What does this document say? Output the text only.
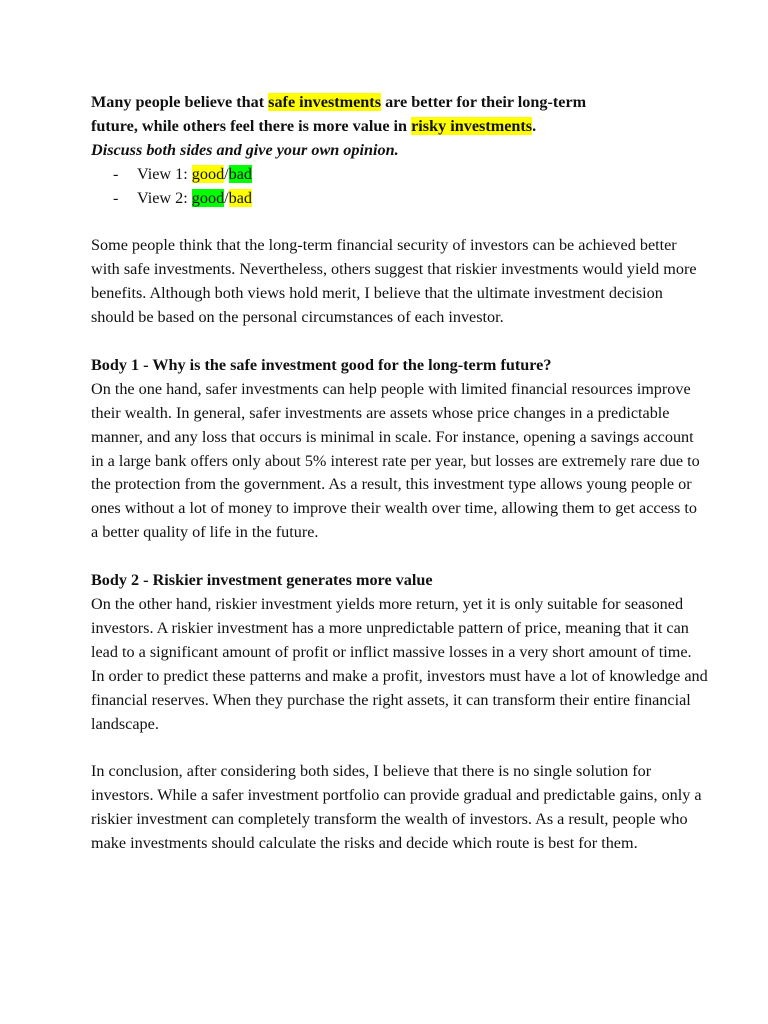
Many people believe that safe investments are better for their long-term
future, while others feel there is more value in risky investments.
Discuss both sides and give your own opinion.
- View 1: good/bad
- View 2: good/bad

Some people think that the long-term financial security of investors can be achieved better with safe investments. Nevertheless, others suggest that riskier investments would yield more benefits. Although both views hold merit, I believe that the ultimate investment decision should be based on the personal circumstances of each investor.

Body 1 - Why is the safe investment good for the long-term future?

On the one hand, safer investments can help people with limited financial resources improve their wealth. In general, safer investments are assets whose price changes in a predictable manner, and any loss that occurs is minimal in scale. For instance, opening a savings account in a large bank offers only about 5% interest rate per year, but losses are extremely rare due to the protection from the government. As a result, this investment type allows young people or ones without a lot of money to improve their wealth over time, allowing them to get access to a better quality of life in the future.

Body 2 - Riskier investment generates more value

On the other hand, riskier investment yields more return, yet it is only suitable for seasoned investors. A riskier investment has a more unpredictable pattern of price, meaning that it can lead to a significant amount of profit or inflict massive losses in a very short amount of time. In order to predict these patterns and make a profit, investors must have a lot of knowledge and financial reserves. When they purchase the right assets, it can transform their entire financial landscape.

In conclusion, after considering both sides, I believe that there is no single solution for investors. While a safer investment portfolio can provide gradual and predictable gains, only a riskier investment can completely transform the wealth of investors. As a result, people who make investments should calculate the risks and decide which route is best for them.
